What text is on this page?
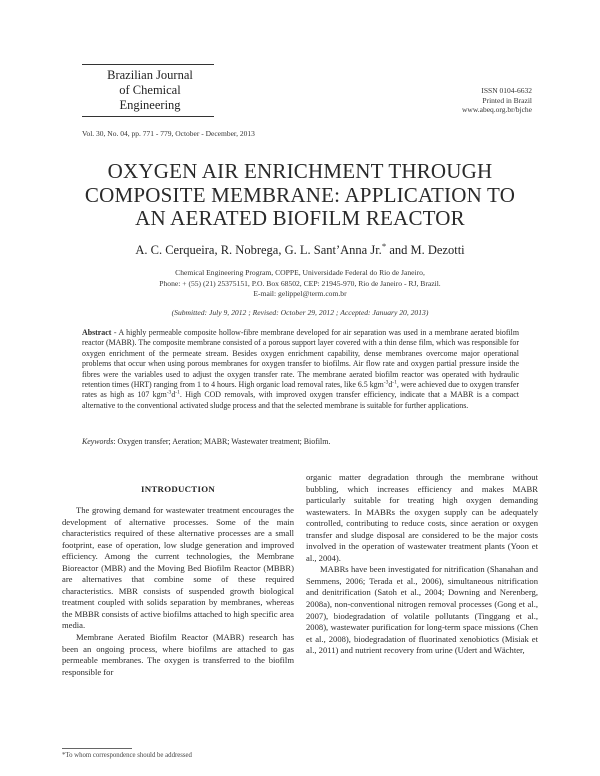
Brazilian Journal
of Chemical
Engineering
ISSN 0104-6632
Printed in Brazil
www.abeq.org.br/bjche
Vol. 30, No. 04, pp. 771 - 779, October - December, 2013
OXYGEN AIR ENRICHMENT THROUGH
COMPOSITE MEMBRANE: APPLICATION TO
AN AERATED BIOFILM REACTOR
A. C. Cerqueira, R. Nobrega, G. L. Sant’Anna Jr.* and M. Dezotti
Chemical Engineering Program, COPPE, Universidade Federal do Rio de Janeiro,
Phone: + (55) (21) 25375151, P.O. Box 68502, CEP: 21945-970, Rio de Janeiro - RJ, Brazil.
E-mail: gelippel@term.com.br
(Submitted: July 9, 2012 ; Revised: October 29, 2012 ; Accepted: January 20, 2013)
Abstract - A highly permeable composite hollow-fibre membrane developed for air separation was used in a membrane aerated biofilm reactor (MABR). The composite membrane consisted of a porous support layer covered with a thin dense film, which was responsible for oxygen enrichment of the permeate stream. Besides oxygen enrichment capability, dense membranes overcome major operational problems that occur when using porous membranes for oxygen transfer to biofilms. Air flow rate and oxygen partial pressure inside the fibres were the variables used to adjust the oxygen transfer rate. The membrane aerated biofilm reactor was operated with hydraulic retention times (HRT) ranging from 1 to 4 hours. High organic load removal rates, like 6.5 $kgm^{-3}d^{-1}$, were achieved due to oxygen transfer rates as high as 107 $kgm^{-3}d^{-1}$. High COD removals, with improved oxygen transfer efficiency, indicate that a MABR is a compact alternative to the conventional activated sludge process and that the selected membrane is suitable for further applications.
Keywords: Oxygen transfer; Aeration; MABR; Wastewater treatment; Biofilm.
INTRODUCTION

The growing demand for wastewater treatment encourages the development of alternative processes. Some of the main characteristics required of these alternative processes are a small footprint, ease of operation, low sludge generation and improved efficiency. Among the current technologies, the Membrane Bioreactor (MBR) and the Moving Bed Biofilm Reactor (MBBR) are alternatives that combine some of these required characteristics. MBR consists of suspended growth biological treatment coupled with solids separation by membranes, whereas the MBBR consists of active biofilms attached to high specific area media.

Membrane Aerated Biofilm Reactor (MABR) research has been an ongoing process, where biofilms are attached to gas permeable membranes. The oxygen is transferred to the biofilm responsible for

organic matter degradation through the membrane without bubbling, which increases efficiency and makes MABR particularly suitable for treating high oxygen demanding wastewaters. In MABRs the oxygen supply can be adequately controlled, contributing to reduce costs, since aeration or oxygen transfer and sludge disposal are considered to be the major costs involved in the operation of wastewater treatment plants (Yoon et al., 2004).

MABRs have been investigated for nitrification (Shanahan and Semmens, 2006; Terada et al., 2006), simultaneous nitrification and denitrification (Satoh et al., 2004; Downing and Nerenberg, 2008a), non-conventional nitrogen removal processes (Gong et al., 2007), biodegradation of volatile pollutants (Tinggang et al., 2008), wastewater purification for long-term space missions (Chen et al., 2008), biodegradation of fluorinated xenobiotics (Misiak et al., 2011) and nutrient recovery from urine (Udert and Wächter,

*To whom correspondence should be addressed
